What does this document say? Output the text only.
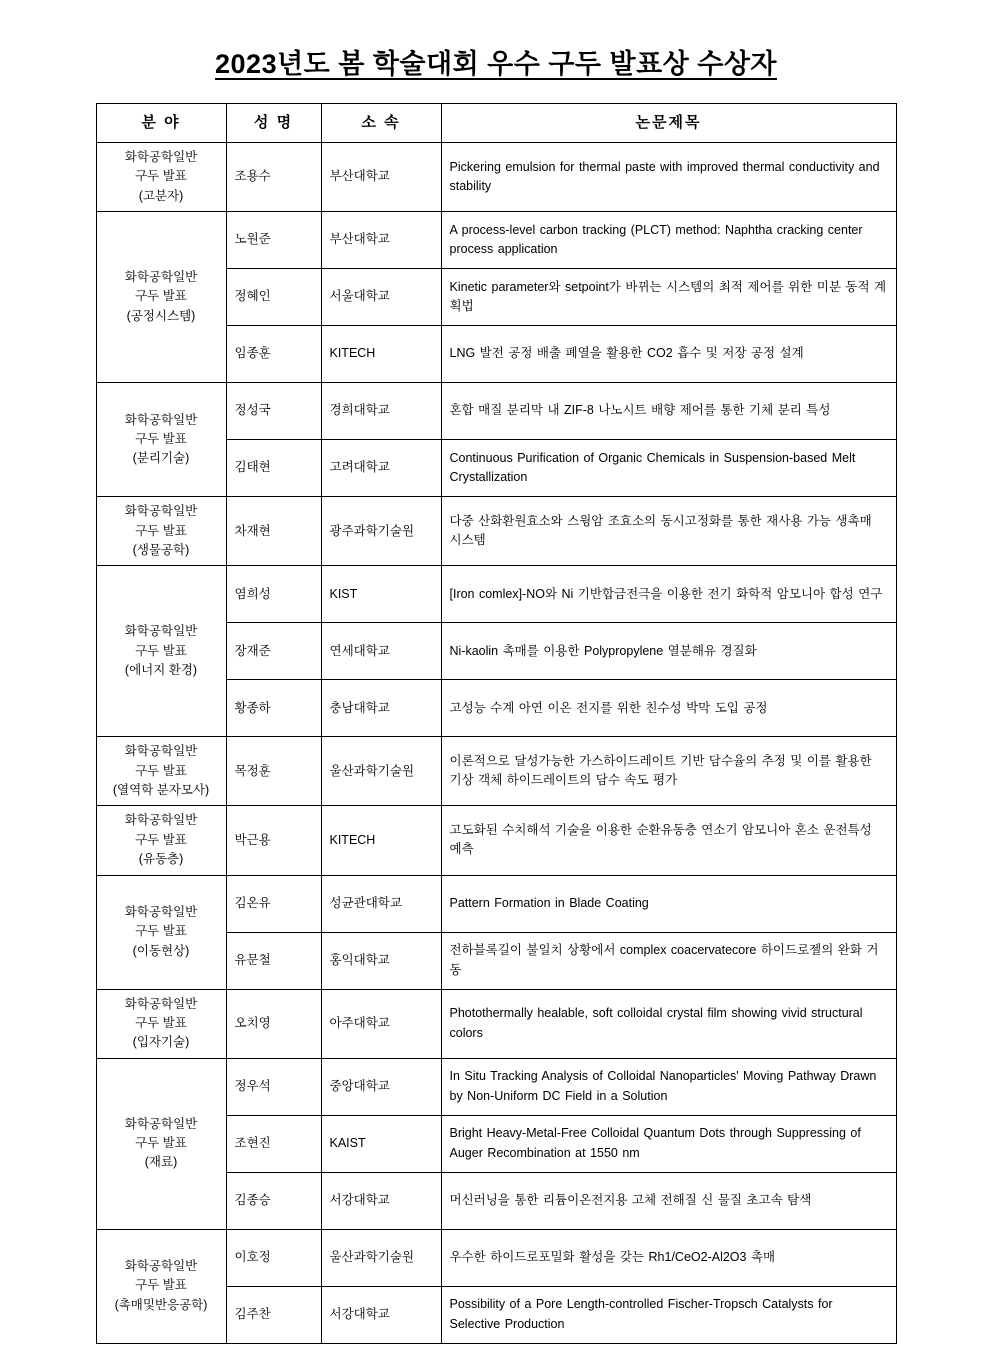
2023년도 봄 학술대회 우수 구두 발표상 수상자
분 야	성 명	소 속	논문제목

화학공학일반
구두 발표
(고분자)	조용수	부산대학교	Pickering emulsion for thermal paste with improved thermal conductivity and stability

화학공학일반
구두 발표
(공정시스템)	노원준	부산대학교	A process-level carbon tracking (PLCT) method: Naphtha cracking center process application
	정혜인	서울대학교	Kinetic parameter와 setpoint가 바뀌는 시스템의 최적 제어를 위한 미분 동적 계획법
	임종훈	KITECH	LNG 발전 공정 배출 폐열을 활용한 CO2 흡수 및 저장 공정 설계

화학공학일반
구두 발표
(분리기술)	정성국	경희대학교	혼합 매질 분리막 내 ZIF-8 나노시트 배향 제어를 통한 기체 분리 특성
	김태현	고려대학교	Continuous Purification of Organic Chemicals in Suspension-based Melt Crystallization

화학공학일반
구두 발표
(생물공학)	차재현	광주과학기술원	다중 산화환원효소와 스윙암 조효소의 동시고정화를 통한 재사용 가능 생촉매 시스템

화학공학일반
구두 발표
(에너지 환경)	염희성	KIST	[Iron comlex]-NO와 Ni 기반합금전극을 이용한 전기 화학적 암모니아 합성 연구
	장재준	연세대학교	Ni-kaolin 촉매를 이용한 Polypropylene 열분해유 경질화
	황종하	충남대학교	고성능 수계 아연 이온 전지를 위한 친수성 박막 도입 공정

화학공학일반
구두 발표
(열역학 분자모사)	목정훈	울산과학기술원	이론적으로 달성가능한 가스하이드레이트 기반 담수율의 추정 및 이를 활용한 기상 객체 하이드레이트의 담수 속도 평가

화학공학일반
구두 발표
(유동층)	박근용	KITECH	고도화된 수치해석 기술을 이용한 순환유동층 연소기 암모니아 혼소 운전특성 예측

화학공학일반
구두 발표
(이동현상)	김온유	성균관대학교	Pattern Formation in Blade Coating
	유문철	홍익대학교	전하블록길이 불일치 상황에서 complex coacervatecore 하이드로젤의 완화 거동

화학공학일반
구두 발표
(입자기술)	오치영	아주대학교	Photothermally healable, soft colloidal crystal film showing vivid structural colors

화학공학일반
구두 발표
(재료)	정우석	중앙대학교	In Situ Tracking Analysis of Colloidal Nanoparticles' Moving Pathway Drawn by Non-Uniform DC Field in a Solution
	조현진	KAIST	Bright Heavy-Metal-Free Colloidal Quantum Dots through Suppressing of Auger Recombination at 1550 nm
	김종승	서강대학교	머신러닝을 통한 리튬이온전지용 고체 전해질 신 물질 초고속 탐색

화학공학일반
구두 발표
(촉매및반응공학)	이호정	울산과학기술원	우수한 하이드로포밀화 활성을 갖는 Rh1/CeO2-Al2O3 촉매
	김주찬	서강대학교	Possibility of a Pore Length-controlled Fischer-Tropsch Catalysts for Selective Production
